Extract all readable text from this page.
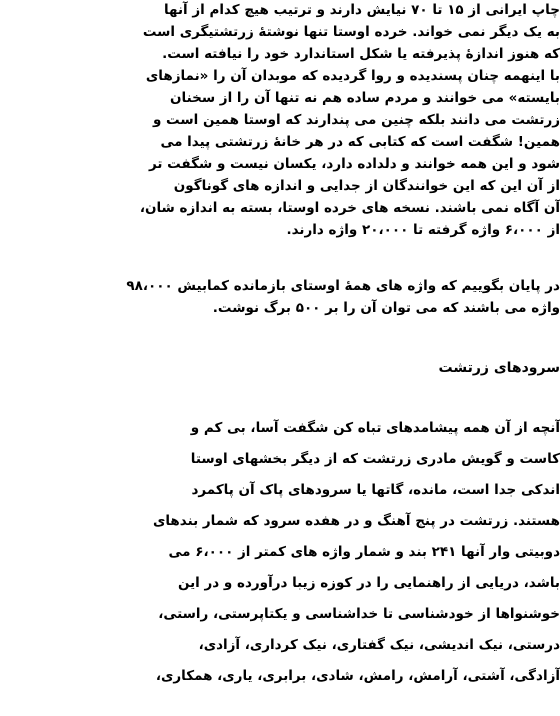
چاپ ایرانی از ۱۵ تا ۷۰ نیایش دارند و ترتیب هیچ کدام از آنها
به یک دیگر نمی خواند. خرده اوستا تنها نوشتهٔ زرتشتیگری است
که هنوز اندازهٔ پذیرفته یا شکل استاندارد خود را نیافته است.
با اینهمه چنان پسندیده و روا گردیده که موبدان آن را «نمازهای
بایسته» می خوانند و مردم ساده هم نه تنها آن را از سخنان
زرتشت می دانند بلکه چنین می پندارند که اوستا همین است و
همین! شگفت است که کتابی که در هر خانهٔ زرتشتی پیدا می
شود و این همه خوانند و دلداده دارد، یکسان نیست و شگفت تر
از آن این که این خوانندگان از جدایی و اندازه های گوناگون
آن آگاه نمی باشند. نسخه های خرده اوستا، بسته به اندازه شان،
از ۶،۰۰۰ واژه گرفته تا ۲۰،۰۰۰ واژه دارند.
در پایان بگوییم که واژه های همهٔ اوستای بازمانده کمابیش ۹۸،۰۰۰
واژه می باشند که می توان آن را بر ۵۰۰ برگ نوشت.
سرودهای زرتشت
آنچه از آن همه پیشامدهای تباه کن شگفت آسا، بی کم و
کاست و گویش مادری زرتشت که از دیگر بخشهای اوستا
اندکی جدا است، مانده، گاتها یا سرودهای پاک آن پاکمرد
هستند. زرتشت در پنج آهنگ و در هفده سرود که شمار بندهای
دوبیتی وار آنها ۲۴۱ بند و شمار واژه های کمتر از ۶،۰۰۰ می
باشد، دریایی از راهنمایی را در کوزه زیبا درآورده و در این
خوشنواها از خودشناسی تا خداشناسی و یکتاپرستی، راستی،
درستی، نیک اندیشی، نیک گفتاری، نیک کرداری، آزادی،
آزادگی، آشتی، آرامش، رامش، شادی، برابری، یاری، همکاری،
